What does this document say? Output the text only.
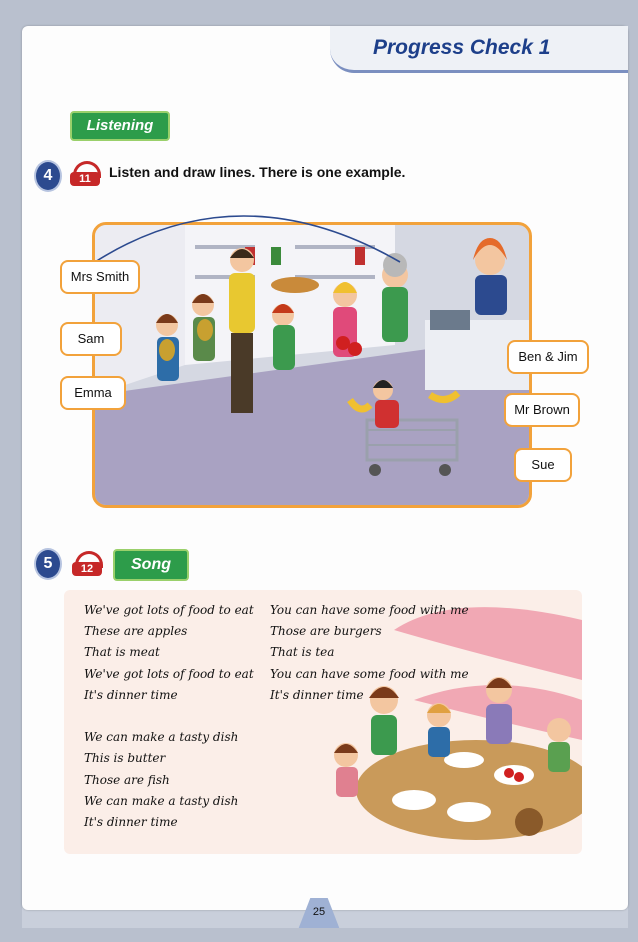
Progress Check 1
Listening
4	11	Listen and draw lines. There is one example.
Mrs Smith
Sam
Emma
Ben & Jim
Mr Brown
Sue
5	12	Song
We've got lots of food to eat
These are apples
That is meat
We've got lots of food to eat
It's dinner time
We can make a tasty dish
This is butter
Those are fish
We can make a tasty dish
It's dinner time
You can have some food with me
Those are burgers
That is tea
You can have some food with me
It's dinner time
25
